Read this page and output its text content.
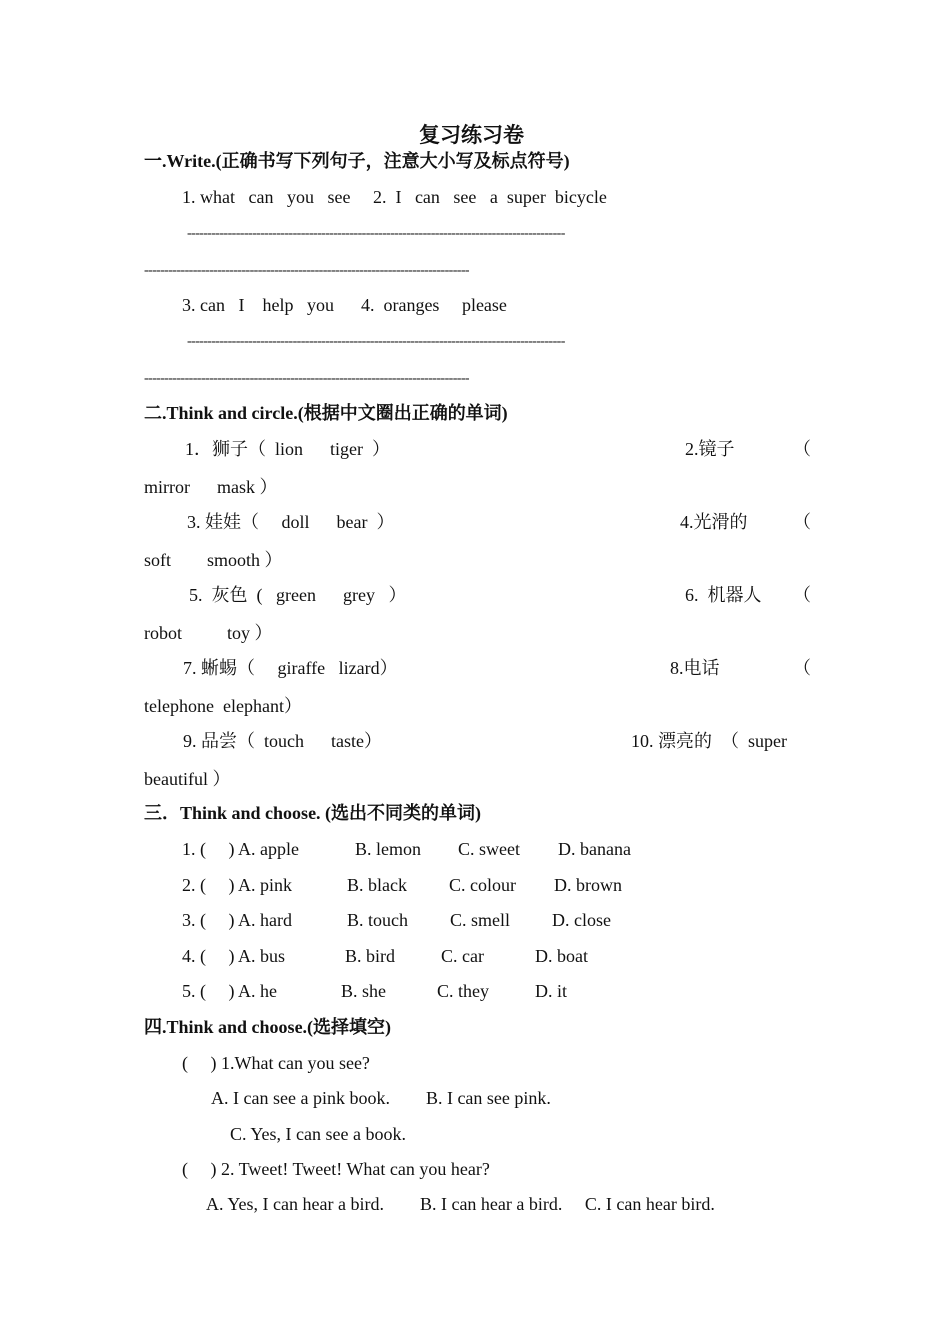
复习练习卷
一.Write.(正确书写下列句子，注意大小写及标点符号)
1. what   can   you   see     2.  I   can   see   a  super  bicycle
---------------------------------------------------------------------------------------------
--------------------------------------------------------------------------------
3. can   I    help   you      4.  oranges     please
---------------------------------------------------------------------------------------------
--------------------------------------------------------------------------------
二.Think and circle.(根据中文圈出正确的单词)
1．狮子（  lion      tiger  ）	2.镜子	（
mirror      mask ）
3. 娃娃（     doll      bear  ）	4.光滑的	（
soft        smooth ）
5.  灰色  (   green      grey   ）	6.  机器人 （
robot          toy ）
7. 蜥蜴（     giraffe   lizard）	8.电话	（
telephone  elephant）
9. 品尝（  touch      taste）	10. 漂亮的  （  super
beautiful ）
三．Think and choose. (选出不同类的单词)
1. (     ) A. apple	B. lemon C. sweet D. banana
2. (     ) A. pink	B. black C. colour D. brown
3. (     ) A. hard	B. touch C. smell D. close
4. (     ) A. bus	B. bird	C. car	D. boat
5. (     ) A. he	B. she	C. they	D. it
四.Think and choose.(选择填空)
(     ) 1.What can you see?
A. I can see a pink book.        B. I can see pink.
C. Yes, I can see a book.
(     ) 2. Tweet! Tweet! What can you hear?
A. Yes, I can hear a bird.        B. I can hear a bird.     C. I can hear bird.
